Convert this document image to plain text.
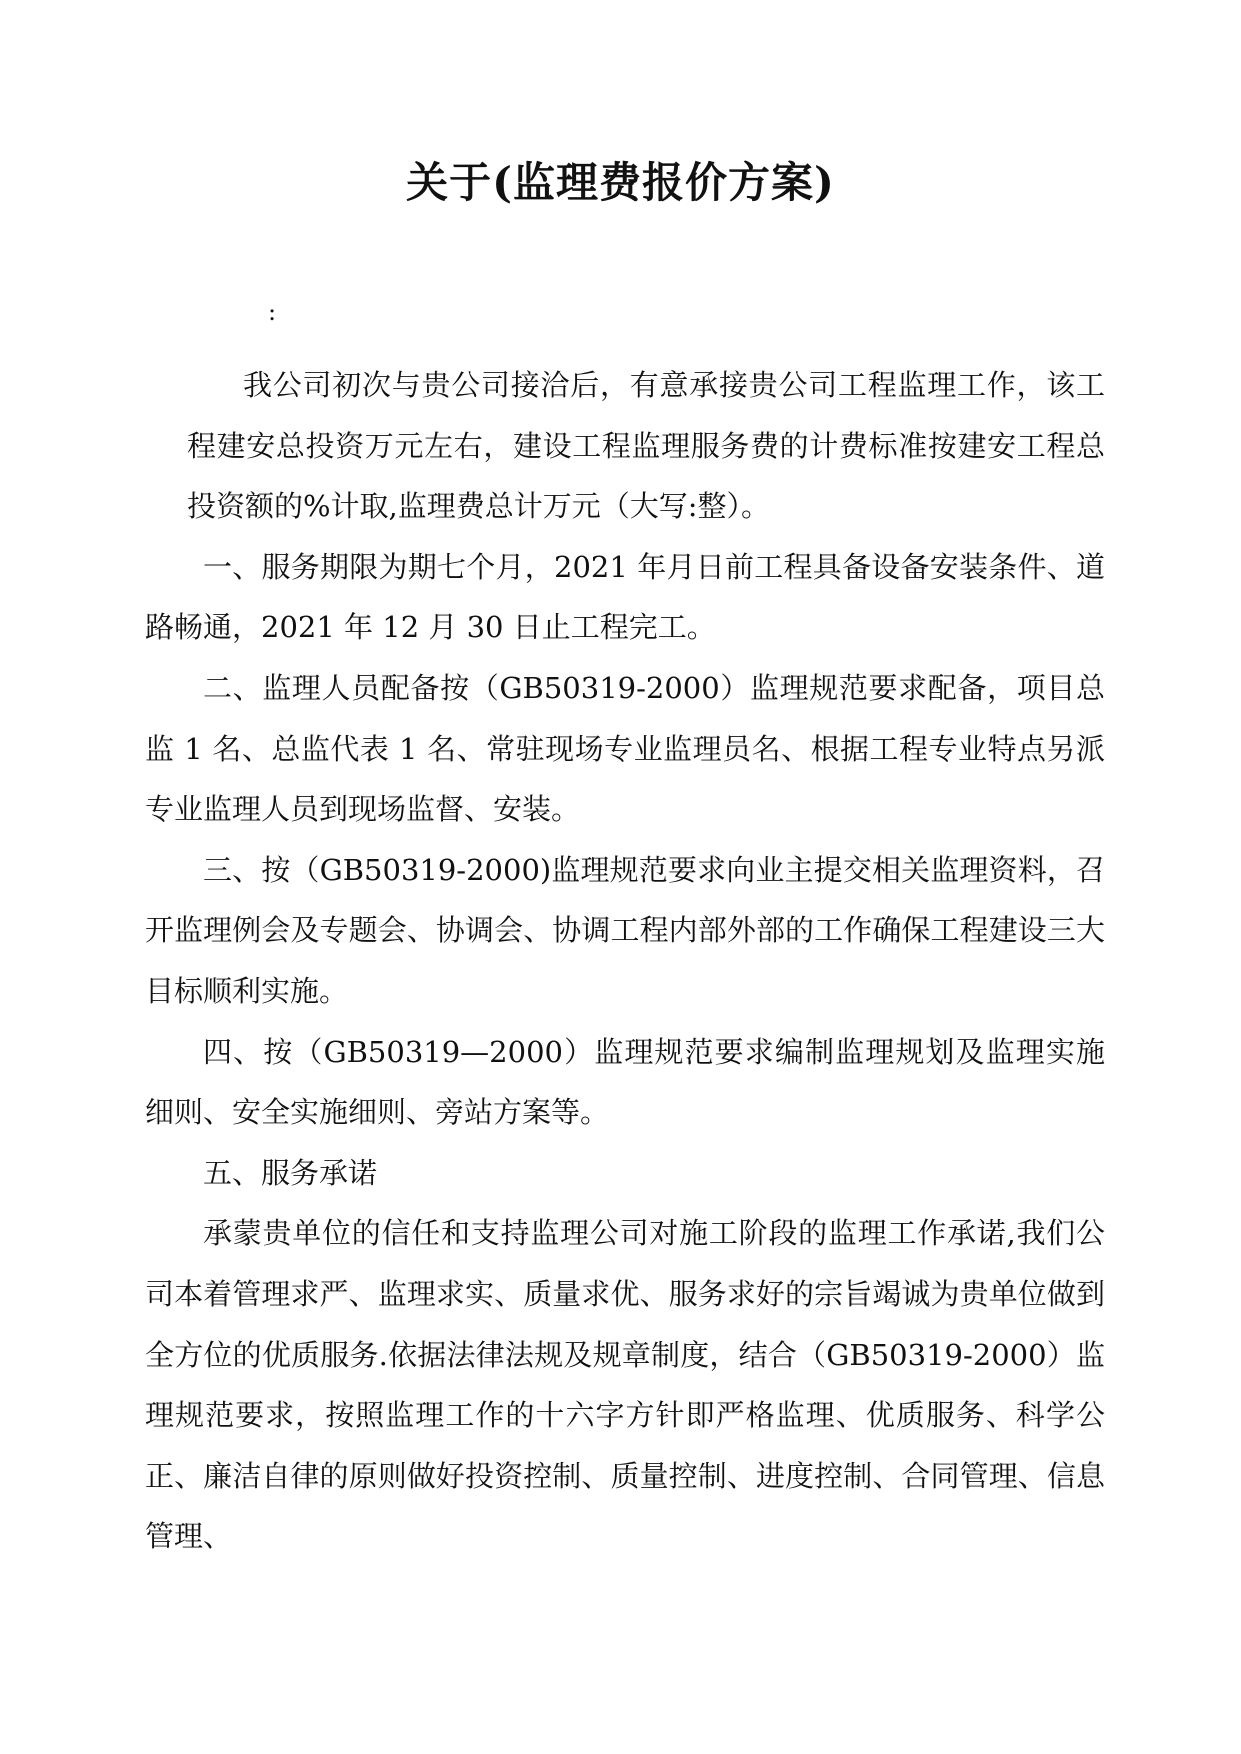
关于(监理费报价方案)

:

我公司初次与贵公司接洽后，有意承接贵公司工程监理工作，该工程建安总投资万元左右，建设工程监理服务费的计费标准按建安工程总投资额的%计取,监理费总计万元（大写:整）。

一、服务期限为期七个月，2021 年月日前工程具备设备安装条件、道路畅通，2021 年 12 月 30 日止工程完工。

二、监理人员配备按（GB50319-2000）监理规范要求配备，项目总监 1 名、总监代表 1 名、常驻现场专业监理员名、根据工程专业特点另派专业监理人员到现场监督、安装。

三、按（GB50319-2000)监理规范要求向业主提交相关监理资料，召开监理例会及专题会、协调会、协调工程内部外部的工作确保工程建设三大目标顺利实施。

四、按（GB50319—2000）监理规范要求编制监理规划及监理实施细则、安全实施细则、旁站方案等。

五、服务承诺

承蒙贵单位的信任和支持监理公司对施工阶段的监理工作承诺,我们公司本着管理求严、监理求实、质量求优、服务求好的宗旨竭诚为贵单位做到全方位的优质服务.依据法律法规及规章制度，结合（GB50319-2000）监理规范要求，按照监理工作的十六字方针即严格监理、优质服务、科学公正、廉洁自律的原则做好投资控制、质量控制、进度控制、合同管理、信息管理、
